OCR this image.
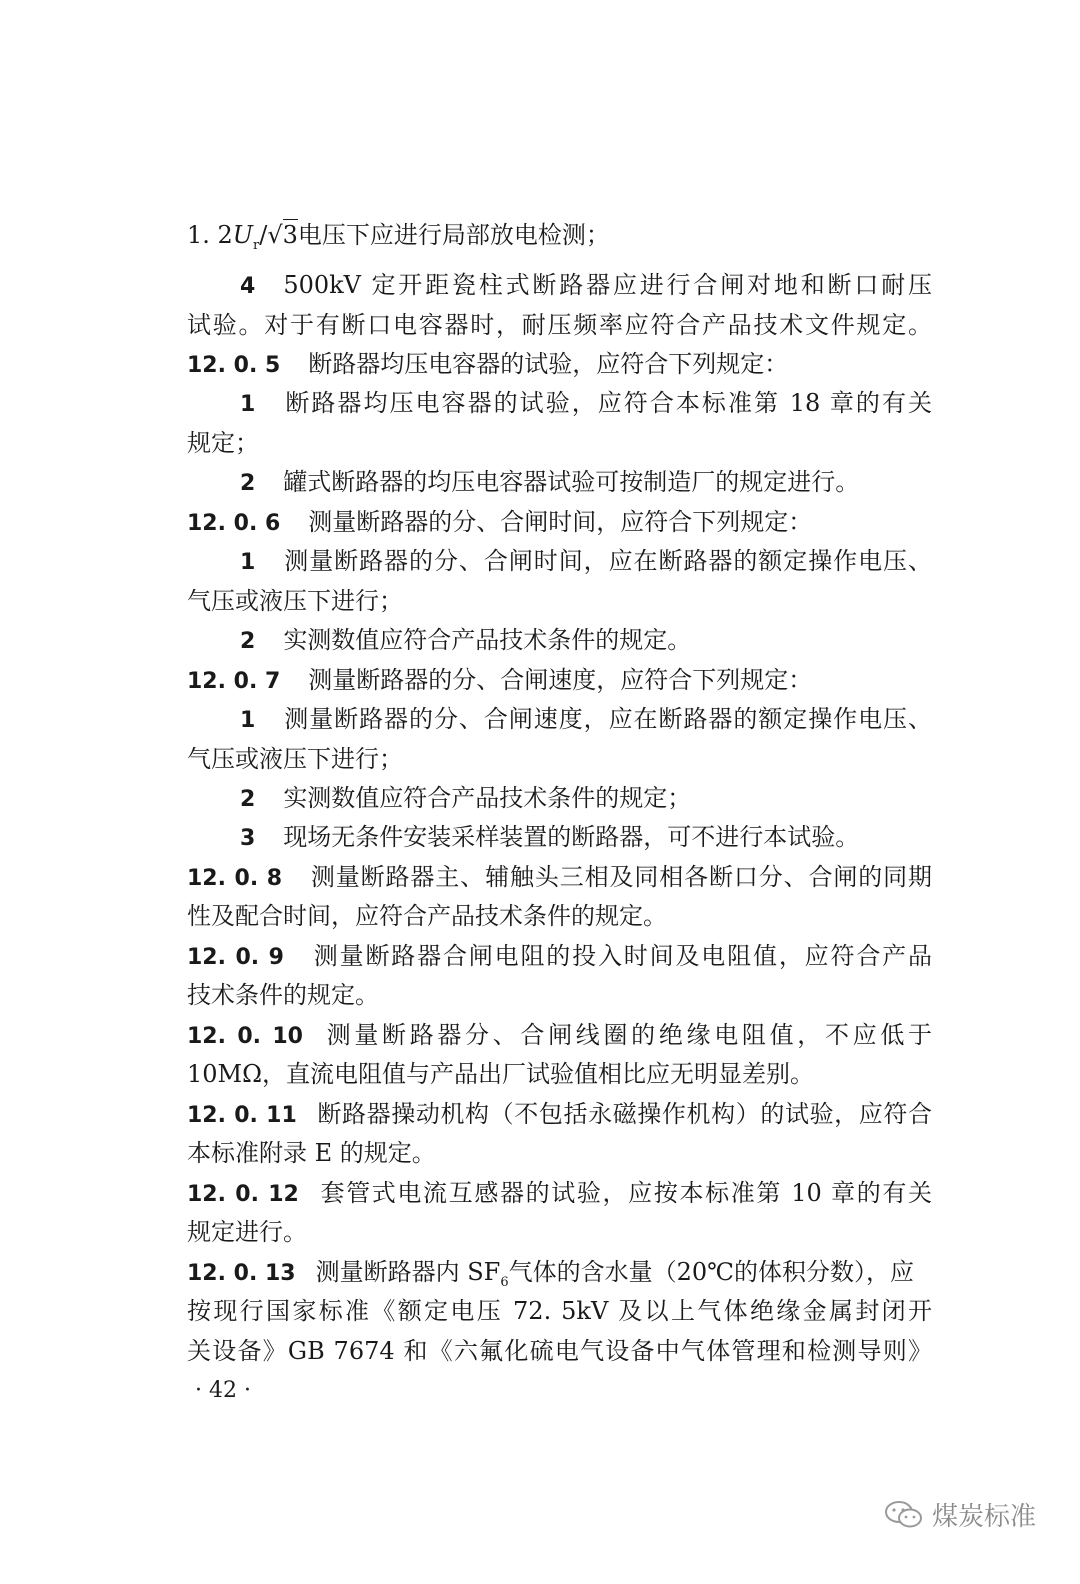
1. $2U_r/√3$电压下应进行局部放电检测；
4 500kV 定开距瓷柱式断路器应进行合闸对地和断口耐压
试验。对于有断口电容器时，耐压频率应符合产品技术文件规定。
12. 0. 5 断路器均压电容器的试验，应符合下列规定：
1 断路器均压电容器的试验，应符合本标准第 18 章的有关
规定；
2 罐式断路器的均压电容器试验可按制造厂的规定进行。
12. 0. 6 测量断路器的分、合闸时间，应符合下列规定：
1 测量断路器的分、合闸时间，应在断路器的额定操作电压、
气压或液压下进行；
2 实测数值应符合产品技术条件的规定。
12. 0. 7 测量断路器的分、合闸速度，应符合下列规定：
1 测量断路器的分、合闸速度，应在断路器的额定操作电压、
气压或液压下进行；
2 实测数值应符合产品技术条件的规定；
3 现场无条件安装采样装置的断路器，可不进行本试验。
12. 0. 8 测量断路器主、辅触头三相及同相各断口分、合闸的同期
性及配合时间，应符合产品技术条件的规定。
12. 0. 9 测量断路器合闸电阻的投入时间及电阻值，应符合产品
技术条件的规定。
12. 0. 10 测量断路器分、合闸线圈的绝缘电阻值，不应低于
10MΩ，直流电阻值与产品出厂试验值相比应无明显差别。
12. 0. 11 断路器操动机构（不包括永磁操作机构）的试验，应符合
本标准附录 E 的规定。
12. 0. 12 套管式电流互感器的试验，应按本标准第 10 章的有关
规定进行。
12. 0. 13 测量断路器内 $SF_6$气体的含水量（20℃的体积分数），应
按现行国家标准《额定电压 72. 5kV 及以上气体绝缘金属封闭开
关设备》GB 7674 和《六氟化硫电气设备中气体管理和检测导则》
· 42 ·
煤炭标准
